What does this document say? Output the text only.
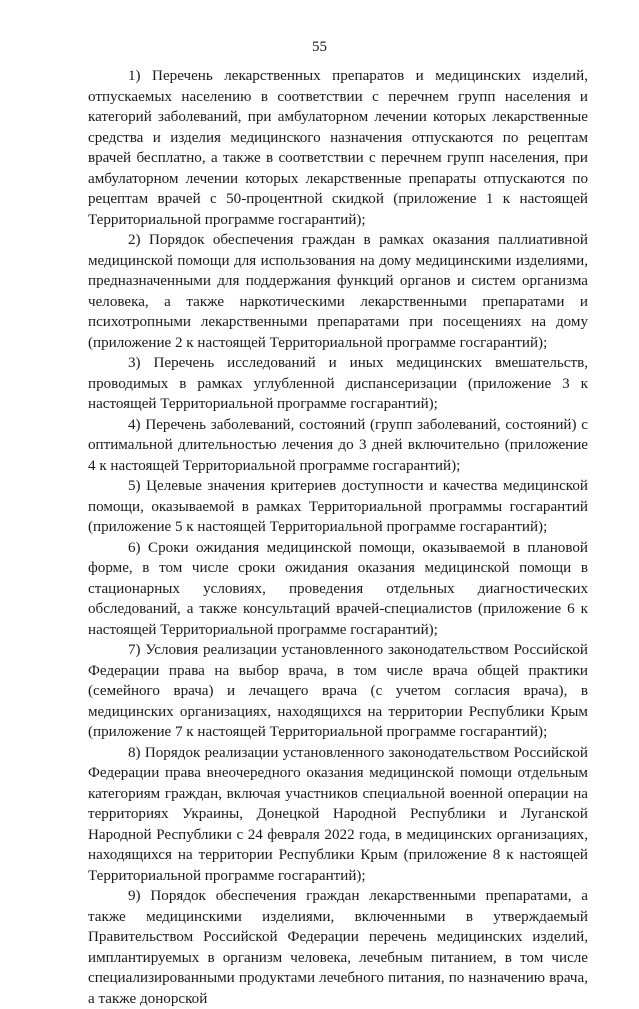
55

1) Перечень лекарственных препаратов и медицинских изделий, отпускаемых населению в соответствии с перечнем групп населения и категорий заболеваний, при амбулаторном лечении которых лекарственные средства и изделия медицинского назначения отпускаются по рецептам врачей бесплатно, а также в соответствии с перечнем групп населения, при амбулаторном лечении которых лекарственные препараты отпускаются по рецептам врачей с 50-процентной скидкой (приложение 1 к настоящей Территориальной программе госгарантий);

2) Порядок обеспечения граждан в рамках оказания паллиативной медицинской помощи для использования на дому медицинскими изделиями, предназначенными для поддержания функций органов и систем организма человека, а также наркотическими лекарственными препаратами и психотропными лекарственными препаратами при посещениях на дому (приложение 2 к настоящей Территориальной программе госгарантий);

3) Перечень исследований и иных медицинских вмешательств, проводимых в рамках углубленной диспансеризации (приложение 3 к настоящей Территориальной программе госгарантий);

4) Перечень заболеваний, состояний (групп заболеваний, состояний) с оптимальной длительностью лечения до 3 дней включительно (приложение 4 к настоящей Территориальной программе госгарантий);

5) Целевые значения критериев доступности и качества медицинской помощи, оказываемой в рамках Территориальной программы госгарантий (приложение 5 к настоящей Территориальной программе госгарантий);

6) Сроки ожидания медицинской помощи, оказываемой в плановой форме, в том числе сроки ожидания оказания медицинской помощи в стационарных условиях, проведения отдельных диагностических обследований, а также консультаций врачей-специалистов (приложение 6 к настоящей Территориальной программе госгарантий);

7) Условия реализации установленного законодательством Российской Федерации права на выбор врача, в том числе врача общей практики (семейного врача) и лечащего врача (с учетом согласия врача), в медицинских организациях, находящихся на территории Республики Крым (приложение 7 к настоящей Территориальной программе госгарантий);

8) Порядок реализации установленного законодательством Российской Федерации права внеочередного оказания медицинской помощи отдельным категориям граждан, включая участников специальной военной операции на территориях Украины, Донецкой Народной Республики и Луганской Народной Республики с 24 февраля 2022 года, в медицинских организациях, находящихся на территории Республики Крым (приложение 8 к настоящей Территориальной программе госгарантий);

9) Порядок обеспечения граждан лекарственными препаратами, а также медицинскими изделиями, включенными в утверждаемый Правительством Российской Федерации перечень медицинских изделий, имплантируемых в организм человека, лечебным питанием, в том числе специализированными продуктами лечебного питания, по назначению врача, а также донорской
